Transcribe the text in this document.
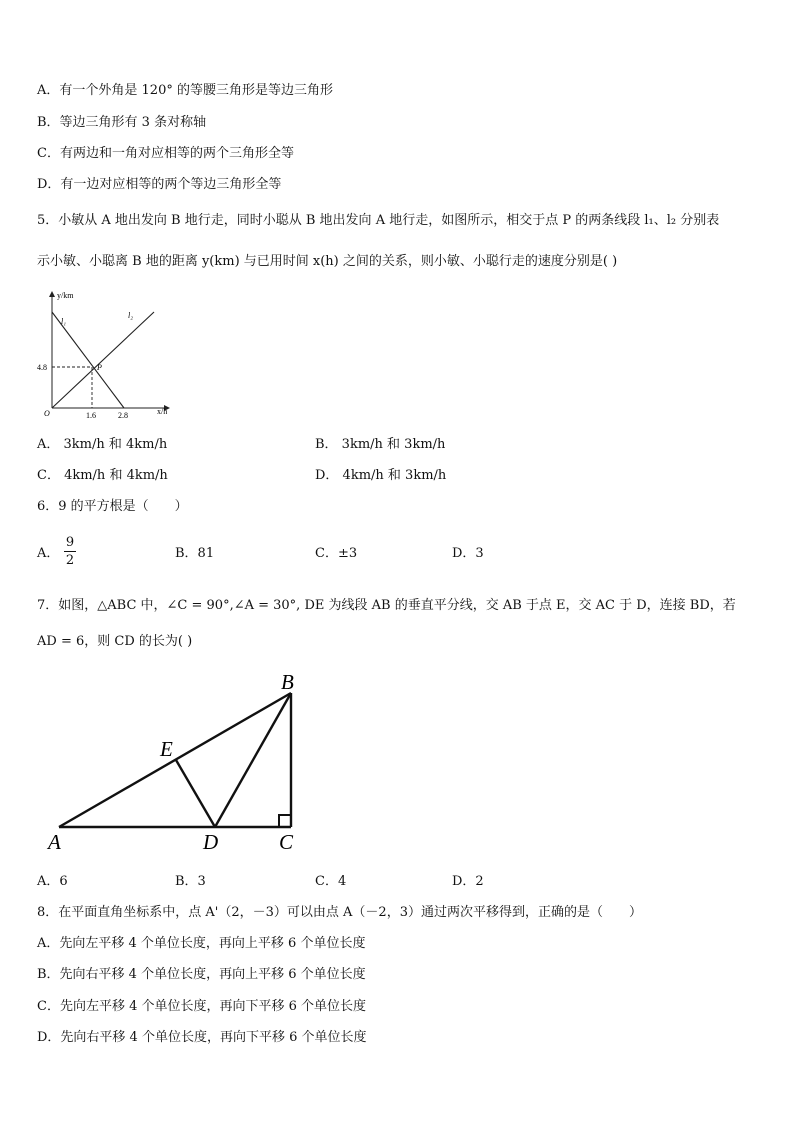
A．有一个外角是 120° 的等腰三角形是等边三角形
B．等边三角形有 3 条对称轴
C．有两边和一角对应相等的两个三角形全等
D．有一边对应相等的两个等边三角形全等
5．小敏从 A 地出发向 B 地行走，同时小聪从 B 地出发向 A 地行走，如图所示，相交于点 P 的两条线段 l₁、l₂ 分别表
示小敏、小聪离 B 地的距离 y(km) 与已用时间 x(h) 之间的关系，则小敏、小聪行走的速度分别是( )
y/km
x/h
O
l₁
l₂
P
4.8
1.6	2.8
A． 3km/h 和 4km/h	B． 3km/h 和 3km/h
C． 4km/h 和 4km/h	D． 4km/h 和 3km/h
6．9 的平方根是（　　）
A．
9
2	B．81	C．±3	D．3
7．如图，△ABC 中，∠C = 90°,∠A = 30°, DE 为线段 AB 的垂直平分线，交 AB 于点 E，交 AC 于 D，连接 BD，若
AD = 6，则 CD 的长为( )
A
B
C
D
E
A．6	B．3	C．4	D．2
8．在平面直角坐标系中，点 A'（2，－3）可以由点 A（－2，3）通过两次平移得到，正确的是（　　）
A．先向左平移 4 个单位长度，再向上平移 6 个单位长度
B．先向右平移 4 个单位长度，再向上平移 6 个单位长度
C．先向左平移 4 个单位长度，再向下平移 6 个单位长度
D．先向右平移 4 个单位长度，再向下平移 6 个单位长度
